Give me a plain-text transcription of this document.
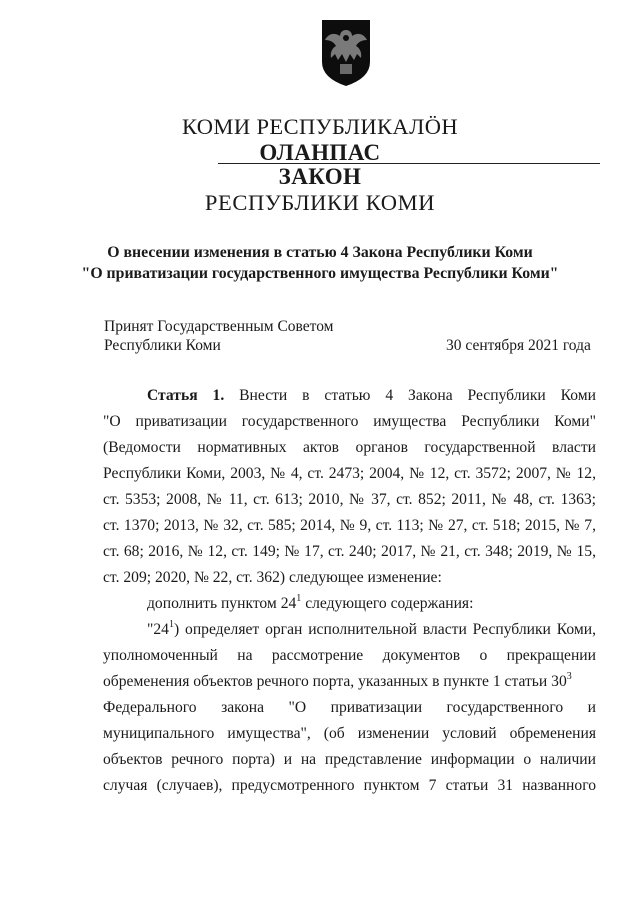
КОМИ РЕСПУБЛИКАЛÖН
ОЛАНПАС
ЗАКОН
РЕСПУБЛИКИ КОМИ
О внесении изменения в статью 4 Закона Республики Коми
"О приватизации государственного имущества Республики Коми"
Принят Государственным Советом
Республики Коми	30 сентября 2021 года
Статья 1. Внести в статью 4 Закона Республики Коми
"О приватизации государственного имущества Республики Коми"
(Ведомости нормативных актов органов государственной власти
Республики Коми, 2003, № 4, ст. 2473; 2004, № 12, ст. 3572; 2007, № 12,
ст. 5353; 2008, № 11, ст. 613; 2010, № 37, ст. 852; 2011, № 48, ст. 1363;
ст. 1370; 2013, № 32, ст. 585; 2014, № 9, ст. 113; № 27, ст. 518; 2015, № 7,
ст. 68; 2016, № 12, ст. 149; № 17, ст. 240; 2017, № 21, ст. 348; 2019, № 15,
ст. 209; 2020, № 22, ст. 362) следующее изменение:
дополнить пунктом $24^1$ следующего содержания:
"$24^1$) определяет орган исполнительной власти Республики Коми,
уполномоченный на рассмотрение документов о прекращении
обременения объектов речного порта, указанных в пункте 1 статьи $30^3$
Федерального закона "О приватизации государственного и
муниципального имущества", (об изменении условий обременения
объектов речного порта) и на представление информации о наличии
случая (случаев), предусмотренного пунктом 7 статьи 31 названного
